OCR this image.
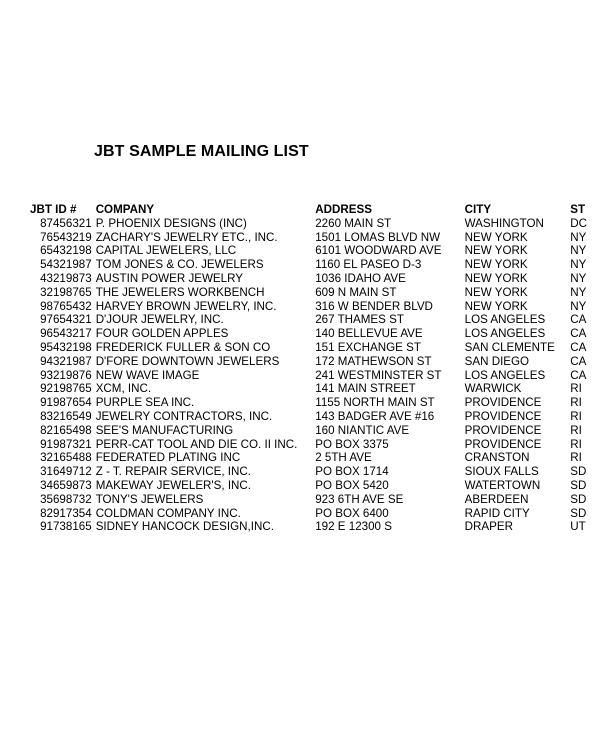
JBT SAMPLE MAILING LIST
JBT ID #	COMPANY	ADDRESS	CITY	ST
87456321	P. PHOENIX DESIGNS (INC)	2260 MAIN ST	WASHINGTON	DC
76543219	ZACHARY'S JEWELRY ETC., INC.	1501 LOMAS BLVD NW	NEW YORK	NY
65432198	CAPITAL JEWELERS, LLC	6101 WOODWARD AVE	NEW YORK	NY
54321987	TOM JONES & CO. JEWELERS	1160 EL PASEO D-3	NEW YORK	NY
43219873	AUSTIN POWER JEWELRY	1036 IDAHO AVE	NEW YORK	NY
32198765	THE JEWELERS WORKBENCH	609 N MAIN ST	NEW YORK	NY
98765432	HARVEY BROWN JEWELRY, INC.	316 W BENDER BLVD	NEW YORK	NY
97654321	D'JOUR JEWELRY, INC.	267 THAMES ST	LOS ANGELES	CA
96543217	FOUR GOLDEN APPLES	140 BELLEVUE AVE	LOS ANGELES	CA
95432198	FREDERICK FULLER & SON CO	151 EXCHANGE ST	SAN CLEMENTE	CA
94321987	D'FORE DOWNTOWN JEWELERS	172 MATHEWSON ST	SAN DIEGO	CA
93219876	NEW WAVE IMAGE	241 WESTMINSTER ST	LOS ANGELES	CA
92198765	XCM, INC.	141 MAIN STREET	WARWICK	RI
91987654	PURPLE SEA INC.	1155 NORTH MAIN ST	PROVIDENCE	RI
83216549	JEWELRY CONTRACTORS, INC.	143 BADGER AVE #16	PROVIDENCE	RI
82165498	SEE'S MANUFACTURING	160 NIANTIC AVE	PROVIDENCE	RI
91987321	PERR-CAT TOOL AND DIE CO. II INC.	PO BOX 3375	PROVIDENCE	RI
32165488	FEDERATED PLATING INC	2 5TH AVE	CRANSTON	RI
31649712	Z - T. REPAIR SERVICE, INC.	PO BOX 1714	SIOUX FALLS	SD
34659873	MAKEWAY JEWELER'S, INC.	PO BOX 5420	WATERTOWN	SD
35698732	TONY'S JEWELERS	923 6TH AVE SE	ABERDEEN	SD
82917354	COLDMAN COMPANY INC.	PO BOX 6400	RAPID CITY	SD
91738165	SIDNEY HANCOCK DESIGN,INC.	192 E 12300 S	DRAPER	UT
